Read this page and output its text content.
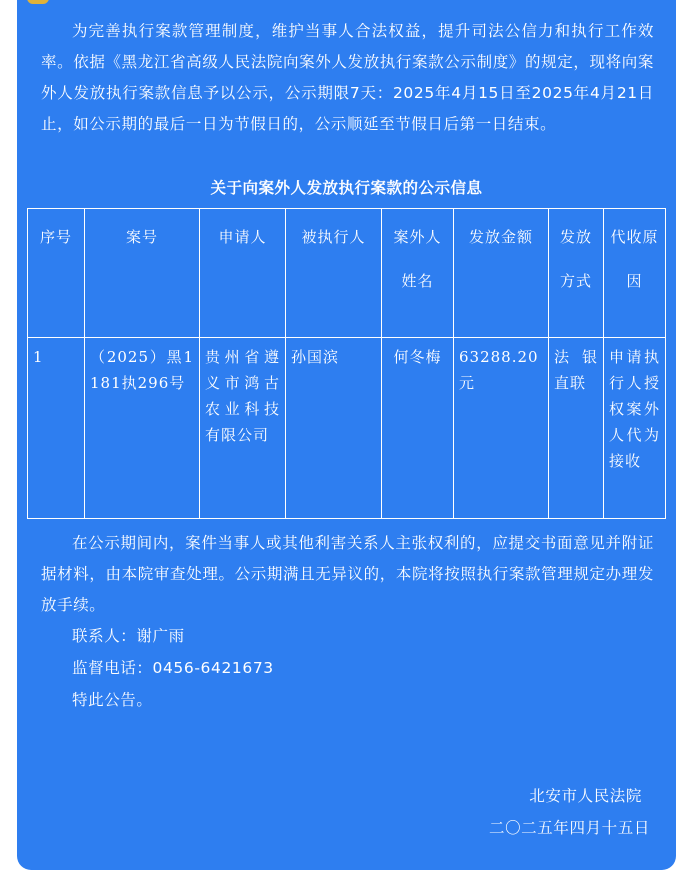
为完善执行案款管理制度，维护当事人合法权益，提升司法公信力和执行工作效率。依据《黑龙江省高级人民法院向案外人发放执行案款公示制度》的规定，现将向案外人发放执行案款信息予以公示，公示期限7天：2025年4月15日至2025年4月21日止，如公示期的最后一日为节假日的，公示顺延至节假日后第一日结束。
关于向案外人发放执行案款的公示信息
序号	案号	申请人	被执行人	案外人姓名	发放金额	发放方式	代收原因
1	（2025）黑1181执296号	贵州省遵义市鸿古农业科技有限公司	孙国滨	何冬梅	63288.20元	法银直联	申请执行人授权案外人代为接收
在公示期间内，案件当事人或其他利害关系人主张权利的，应提交书面意见并附证据材料，由本院审查处理。公示期满且无异议的，本院将按照执行案款管理规定办理发放手续。
联系人：谢广雨
监督电话：0456-6421673
特此公告。
北安市人民法院
二〇二五年四月十五日
